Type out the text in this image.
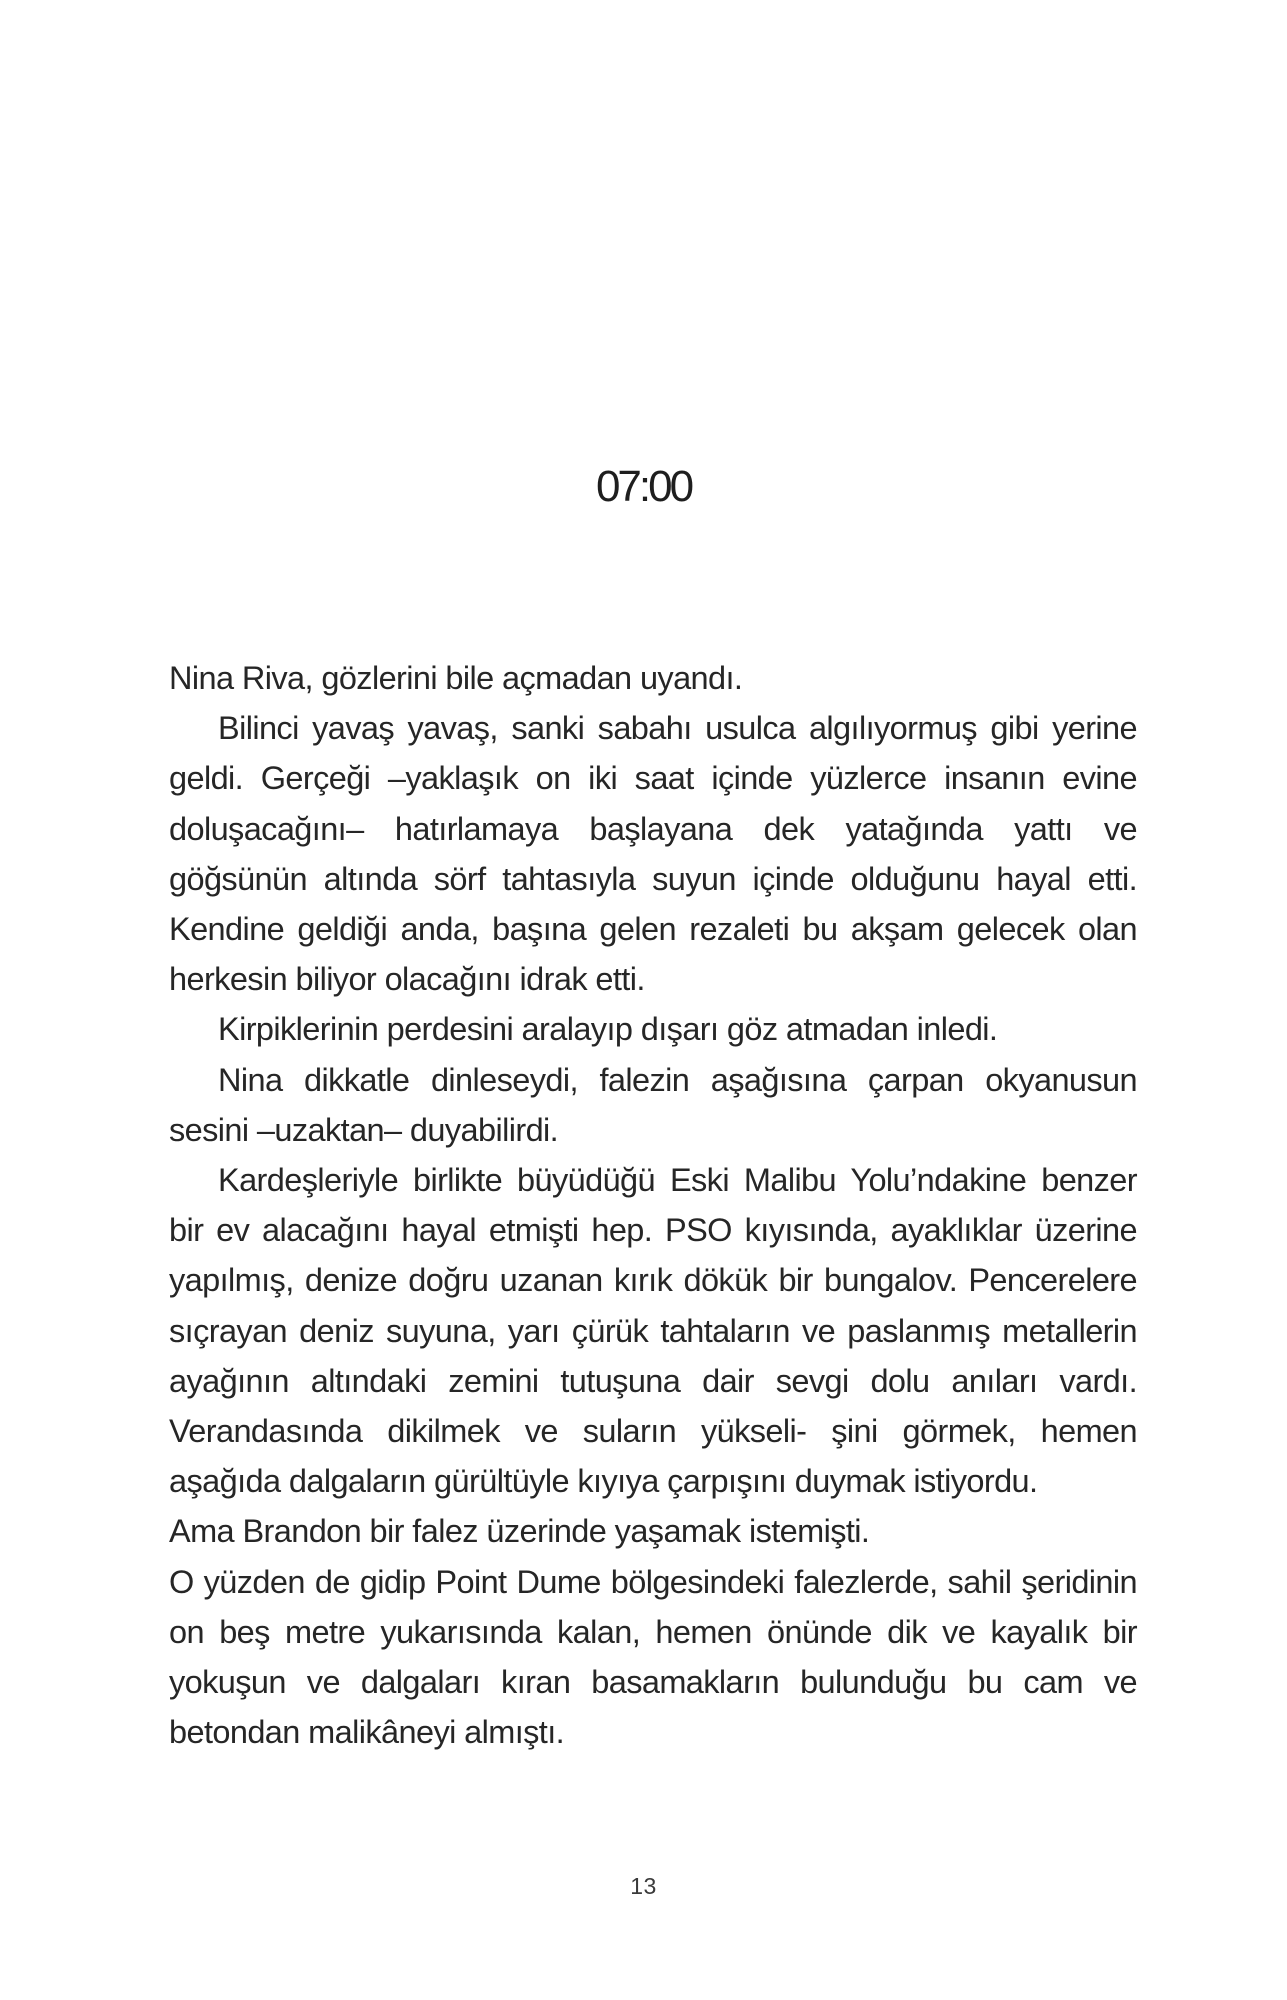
07:00

Nina Riva, gözlerini bile açmadan uyandı.

Bilinci yavaş yavaş, sanki sabahı usulca algılıyormuş gibi yerine geldi. Gerçeği –yaklaşık on iki saat içinde yüzlerce insanın evine doluşacağını– hatırlamaya başlayana dek yatağında yattı ve göğsünün altında sörf tahtasıyla suyun içinde olduğunu hayal etti. Kendine geldiği anda, başına gelen rezaleti bu akşam gelecek olan herkesin biliyor olacağını idrak etti.

Kirpiklerinin perdesini aralayıp dışarı göz atmadan inledi.

Nina dikkatle dinleseydi, falezin aşağısına çarpan okyanusun sesini –uzaktan– duyabilirdi.

Kardeşleriyle birlikte büyüdüğü Eski Malibu Yolu’ndakine benzer bir ev alacağını hayal etmişti hep. PSO kıyısında, ayaklıklar üzerine yapılmış, denize doğru uzanan kırık dökük bir bungalov. Pencerelere sıçrayan deniz suyuna, yarı çürük tahtaların ve paslanmış metallerin ayağının altındaki zemini tutuşuna dair sevgi dolu anıları vardı. Verandasında dikilmek ve suların yükseli- şini görmek, hemen aşağıda dalgaların gürültüyle kıyıya çarpışını duymak istiyordu.

Ama Brandon bir falez üzerinde yaşamak istemişti.

O yüzden de gidip Point Dume bölgesindeki falezlerde, sahil şeridinin on beş metre yukarısında kalan, hemen önünde dik ve kayalık bir yokuşun ve dalgaları kıran basamakların bulunduğu bu cam ve betondan malikâneyi almıştı.

13
